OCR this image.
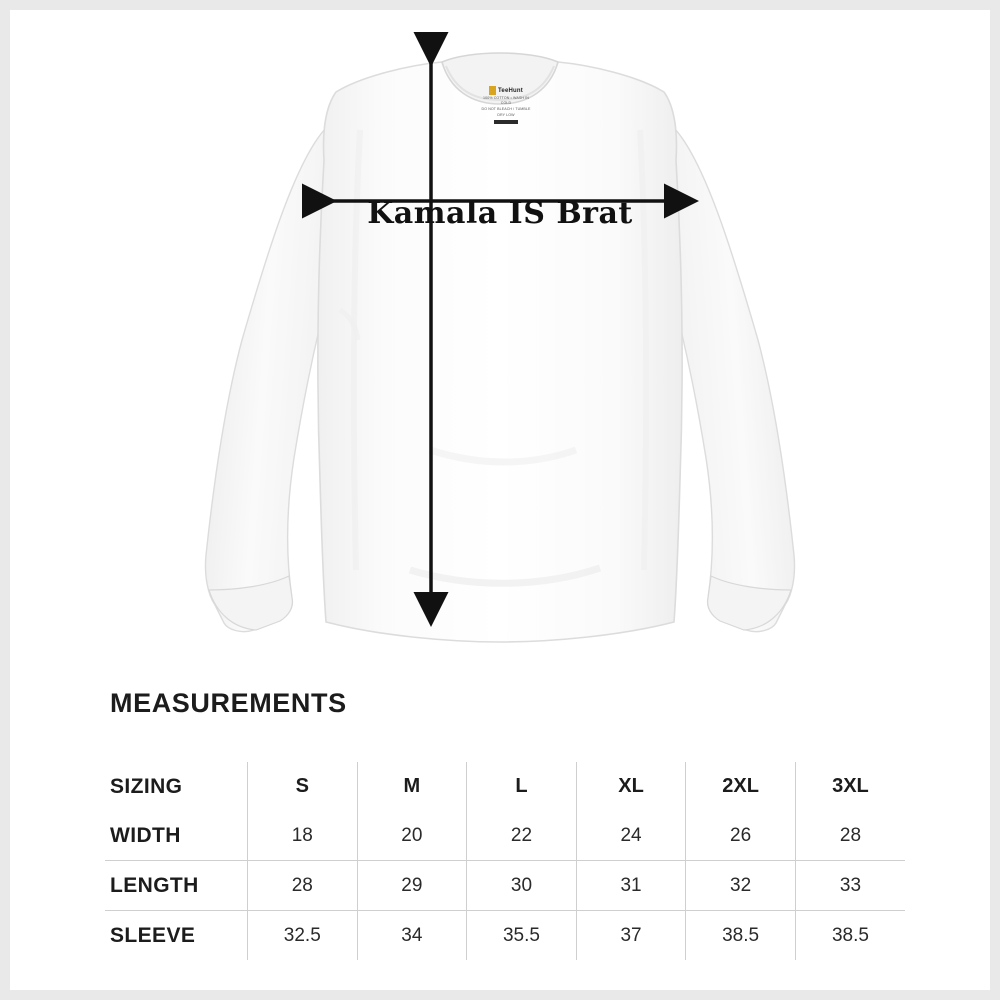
TeeHunt
100% COTTON • WASH IN COLD
DO NOT BLEACH / TUMBLE DRY LOW
Kamala IS Brat
MEASUREMENTS
SIZING	S	M	L	XL	2XL	3XL
WIDTH	18	20	22	24	26	28
LENGTH	28	29	30	31	32	33
SLEEVE	32.5	34	35.5	37	38.5	38.5
